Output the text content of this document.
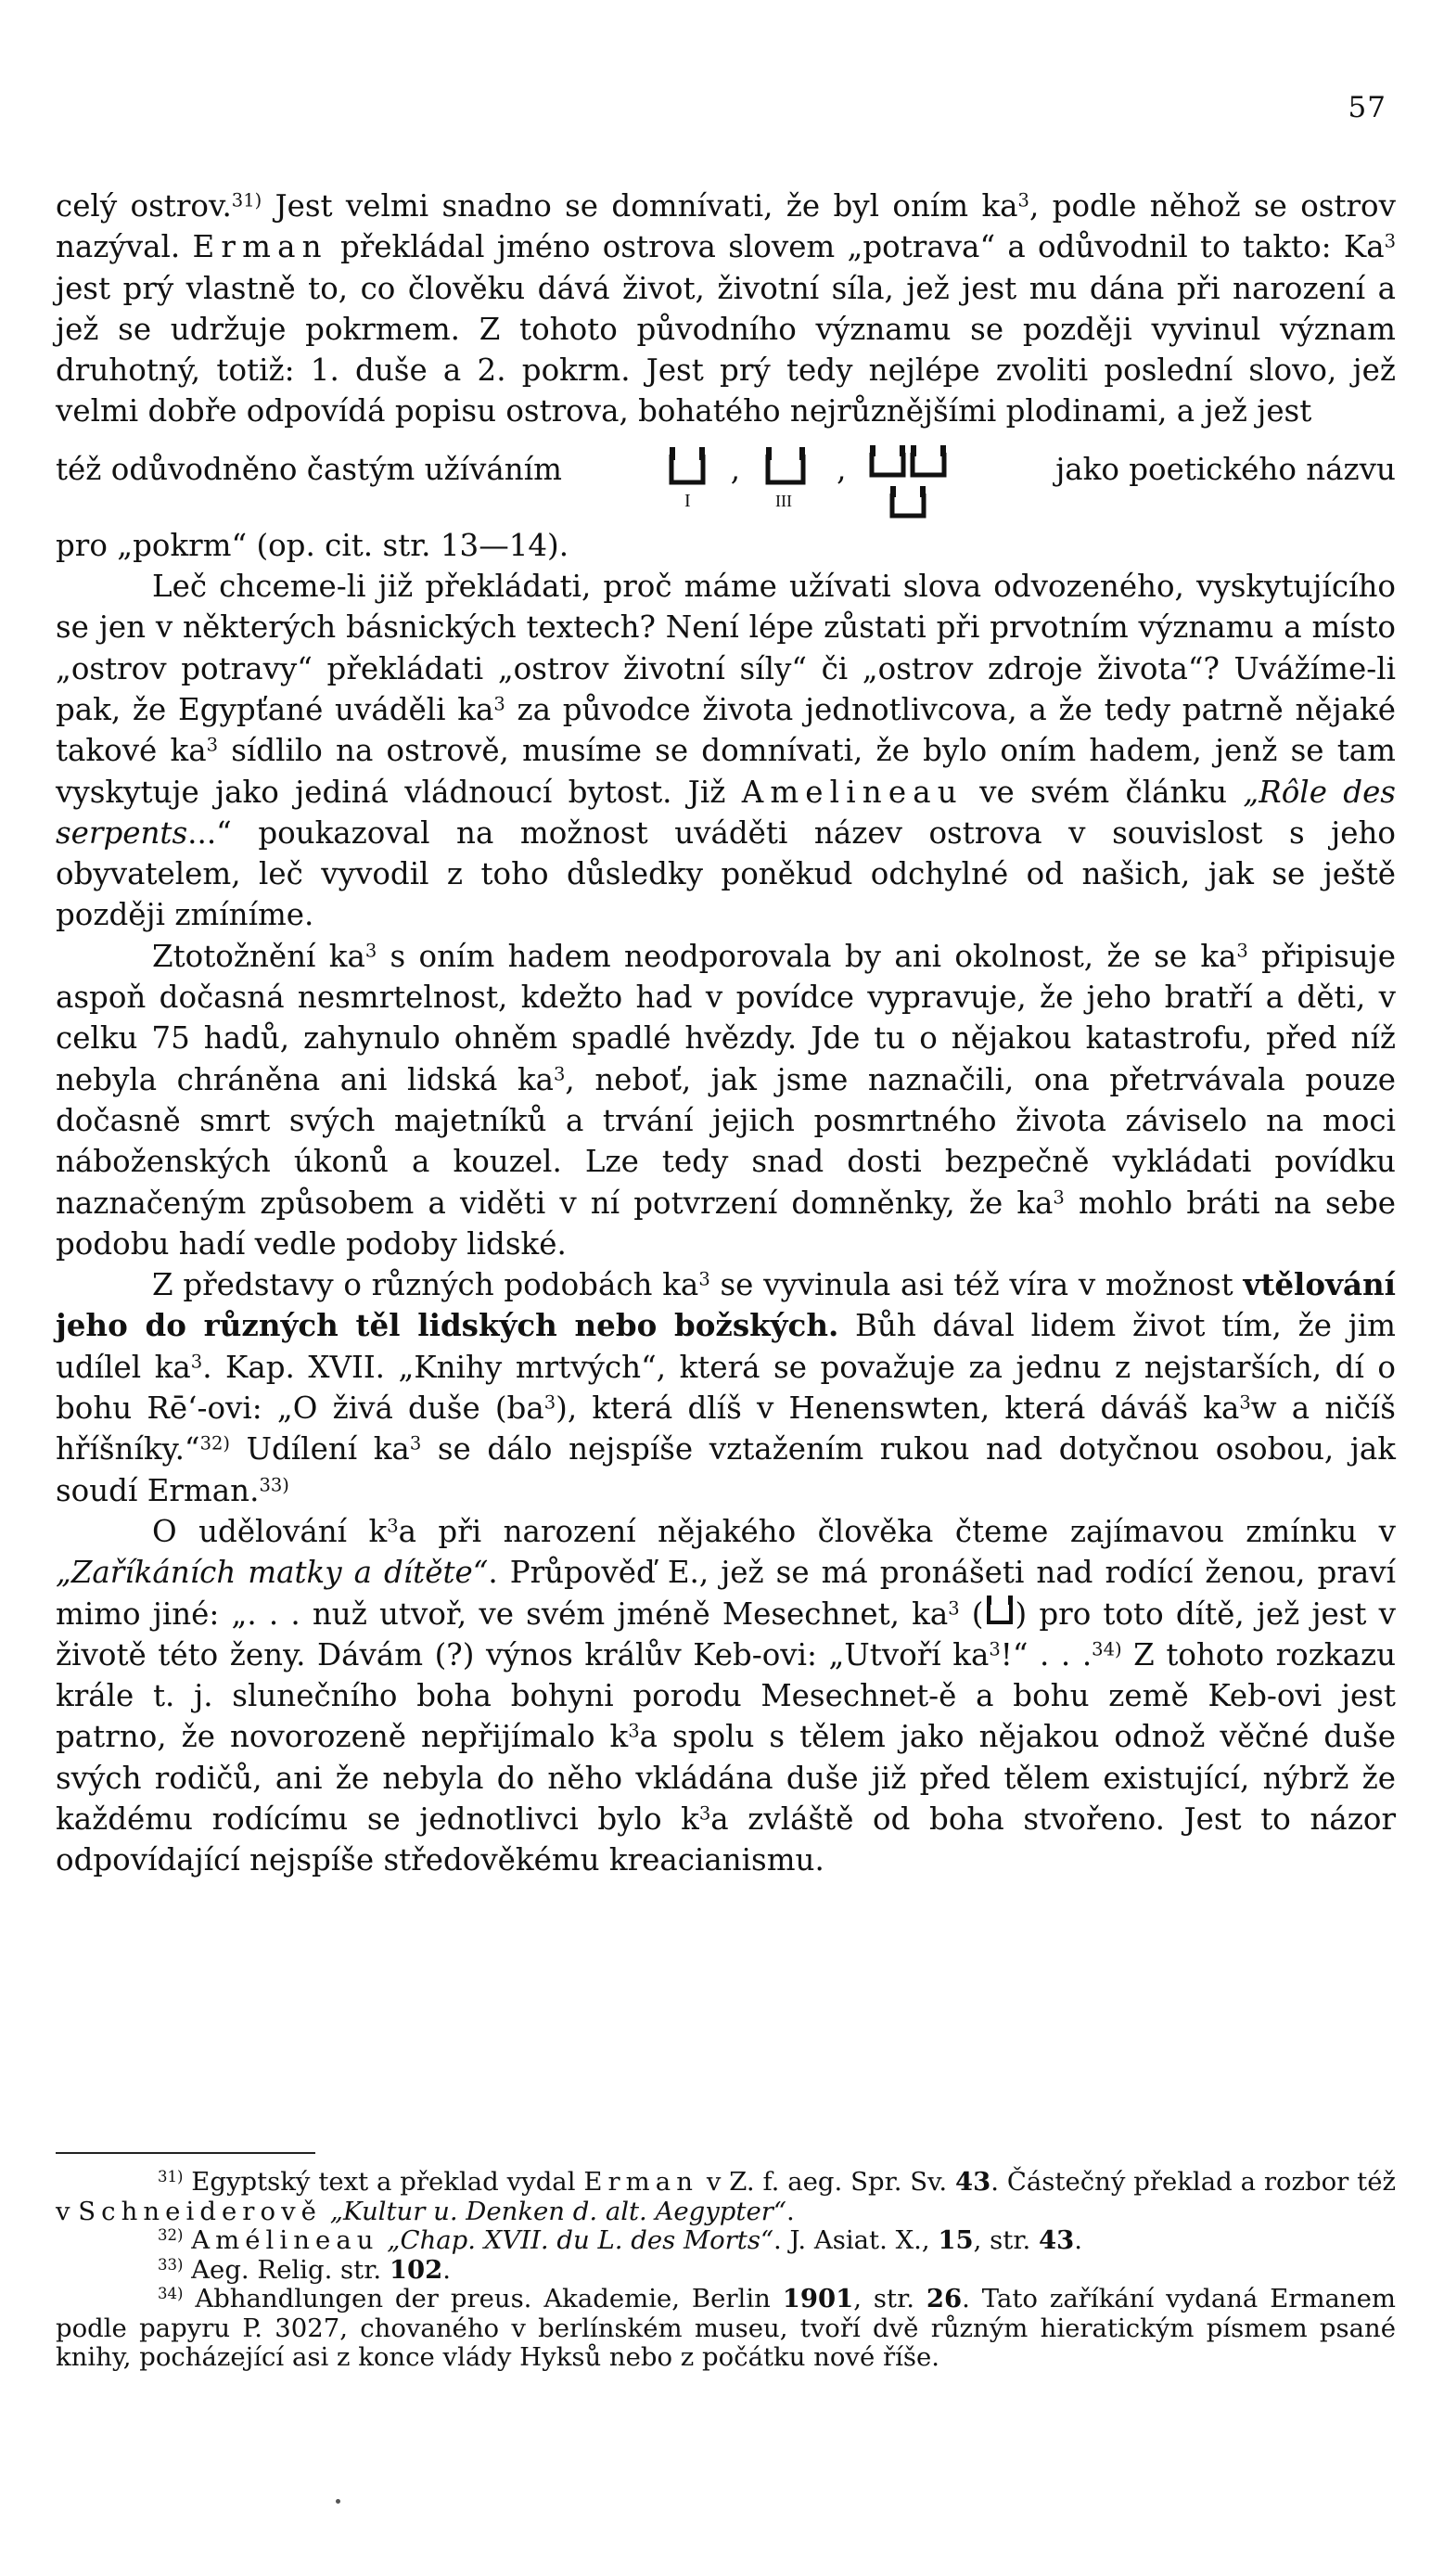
57

celý ostrov.$^{31)}$ Jest velmi snadno se domnívati, že byl oním $ka^3$, podle něhož se ostrov nazýval. Erman překládal jméno ostrova slovem „potrava“ a odůvodnil to takto: Ka$^3$ jest prý vlastně to, co člověku dává život, životní síla, jež jest mu dána při narození a jež se udržuje pokrmem. Z tohoto původního významu se později vyvinul význam druhotný, totiž: 1. duše a 2. pokrm. Jest prý tedy nejlépe zvoliti poslední slovo, jež velmi dobře odpovídá popisu ostrova, bohatého nejrůznějšími plodinami, a jež jest

též odůvodněno častým užíváním
I
,
III
,	jako poetického názvu

pro „pokrm“ (op. cit. str. 13—14).

Leč chceme-li již překládati, proč máme užívati slova odvozeného, vyskytujícího se jen v některých básnických textech? Není lépe zůstati při prvotním významu a místo „ostrov potravy“ překládati „ostrov životní síly“ či „ostrov zdroje života“? Uvážíme-li pak, že Egypťané uváděli $ka^3$ za původce života jednotlivcova, a že tedy patrně nějaké takové $ka^3$ sídlilo na ostrově, musíme se domnívati, že bylo oním hadem, jenž se tam vyskytuje jako jediná vládnoucí bytost. Již Amelineau ve svém článku „Rôle des serpents...“ poukazoval na možnost uváděti název ostrova v souvislost s jeho obyvatelem, leč vyvodil z toho důsledky poněkud odchylné od našich, jak se ještě později zmíníme.

Ztotožnění $ka^3$ s oním hadem neodporovala by ani okolnost, že se $ka^3$ připisuje aspoň dočasná nesmrtelnost, kdežto had v povídce vypravuje, že jeho bratří a děti, v celku 75 hadů, zahynulo ohněm spadlé hvězdy. Jde tu o nějakou katastrofu, před níž nebyla chráněna ani lidská $ka^3$, neboť, jak jsme naznačili, ona přetrvávala pouze dočasně smrt svých majetníků a trvání jejich posmrtného života záviselo na moci náboženských úkonů a kouzel. Lze tedy snad dosti bezpečně vykládati povídku naznačeným způsobem a viděti v ní potvrzení domněnky, že $ka^3$ mohlo bráti na sebe podobu hadí vedle podoby lidské.

Z představy o různých podobách $ka^3$ se vyvinula asi též víra v možnost vtělování jeho do různých těl lidských nebo božských. Bůh dával lidem život tím, že jim udílel $ka^3$. Kap. XVII. „Knihy mrtvých“, která se považuje za jednu z nejstarších, dí o bohu Rē‘-ovi: „O živá duše $(ba^3)$, která dlíš v Henenswten, která dáváš $ka^3w$ a ničíš hříšníky.“$^{32)}$ Udílení $ka^3$ se dálo nejspíše vztažením rukou nad dotyčnou osobou, jak soudí Erman.$^{33)}$

O udělování $k^3a$ při narození nějakého člověka čteme zajímavou zmínku v „Zaříkáních matky a dítěte“. Průpověď E., jež se má pronášeti nad rodící ženou, praví mimo jiné: „. . . nuž utvoř, ve svém jméně Mesechnet, $ka^3$ ( ) pro toto dítě, jež jest v životě této ženy. Dávám (?) výnos králův Keb-ovi: „Utvoří $ka^3!“$ . . .$^{34)}$ Z tohoto rozkazu krále t. j. slunečního boha bohyni porodu Mesechnet-ě a bohu země Keb-ovi jest patrno, že novorozeně nepřijímalo $k^3a$ spolu s tělem jako nějakou odnož věčné duše svých rodičů, ani že nebyla do něho vkládána duše již před tělem existující, nýbrž že každému rodícímu se jednotlivci bylo $k^3a$ zvláště od boha stvořeno. Jest to názor odpovídající nejspíše středověkému kreacianismu.

$^{31)}$ Egyptský text a překlad vydal Erman v Z. f. aeg. Spr. Sv. 43. Částečný překlad a rozbor též v Schneiderově „Kultur u. Denken d. alt. Aegypter“.

$^{32)}$ Amélineau „Chap. XVII. du L. des Morts“. J. Asiat. X., 15, str. 43.

$^{33)}$ Aeg. Relig. str. 102.

$^{34)}$ Abhandlungen der preus. Akademie, Berlin 1901, str. 26. Tato zaříkání vydaná Ermanem podle papyru P. 3027, chovaného v berlínském museu, tvoří dvě různým hieratickým písmem psané knihy, pocházející asi z konce vlády Hyksů nebo z počátku nové říše.
